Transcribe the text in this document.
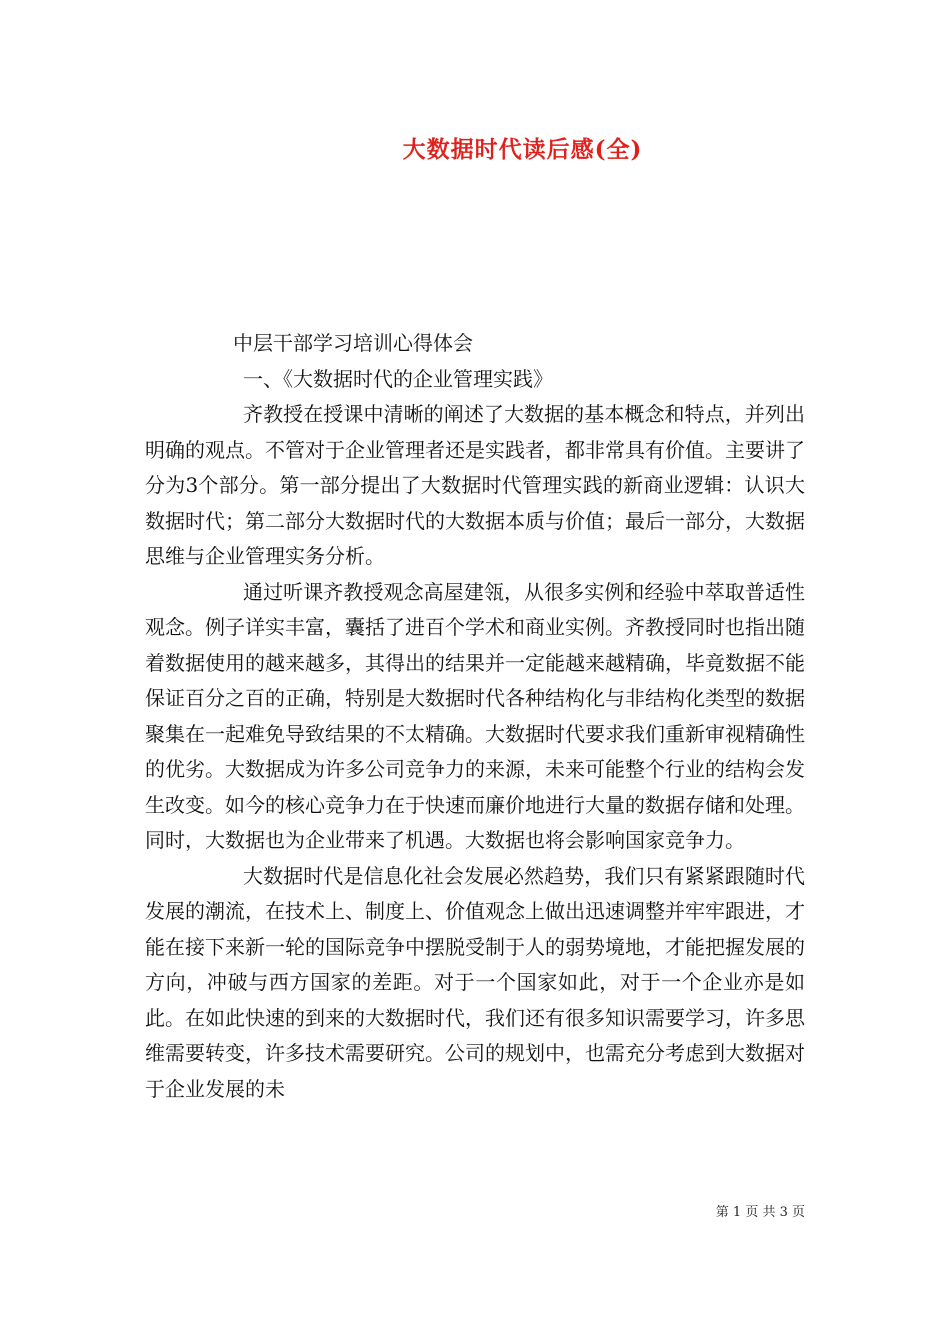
大数据时代读后感(全)

中层干部学习培训心得体会

一、《大数据时代的企业管理实践》

齐教授在授课中清晰的阐述了大数据的基本概念和特点，并列出明确的观点。不管对于企业管理者还是实践者，都非常具有价值。主要讲了分为3个部分。第一部分提出了大数据时代管理实践的新商业逻辑：认识大数据时代；第二部分大数据时代的大数据本质与价值；最后一部分，大数据思维与企业管理实务分析。

通过听课齐教授观念高屋建瓴，从很多实例和经验中萃取普适性观念。例子详实丰富，囊括了进百个学术和商业实例。齐教授同时也指出随着数据使用的越来越多，其得出的结果并一定能越来越精确，毕竟数据不能保证百分之百的正确，特别是大数据时代各种结构化与非结构化类型的数据聚集在一起难免导致结果的不太精确。大数据时代要求我们重新审视精确性的优劣。大数据成为许多公司竞争力的来源，未来可能整个行业的结构会发生改变。如今的核心竞争力在于快速而廉价地进行大量的数据存储和处理。同时，大数据也为企业带来了机遇。大数据也将会影响国家竞争力。

大数据时代是信息化社会发展必然趋势，我们只有紧紧跟随时代发展的潮流，在技术上、制度上、价值观念上做出迅速调整并牢牢跟进，才能在接下来新一轮的国际竞争中摆脱受制于人的弱势境地，才能把握发展的方向，冲破与西方国家的差距。对于一个国家如此，对于一个企业亦是如此。在如此快速的到来的大数据时代，我们还有很多知识需要学习，许多思维需要转变，许多技术需要研究。公司的规划中，也需充分考虑到大数据对于企业发展的未

第 1 页 共 3 页
